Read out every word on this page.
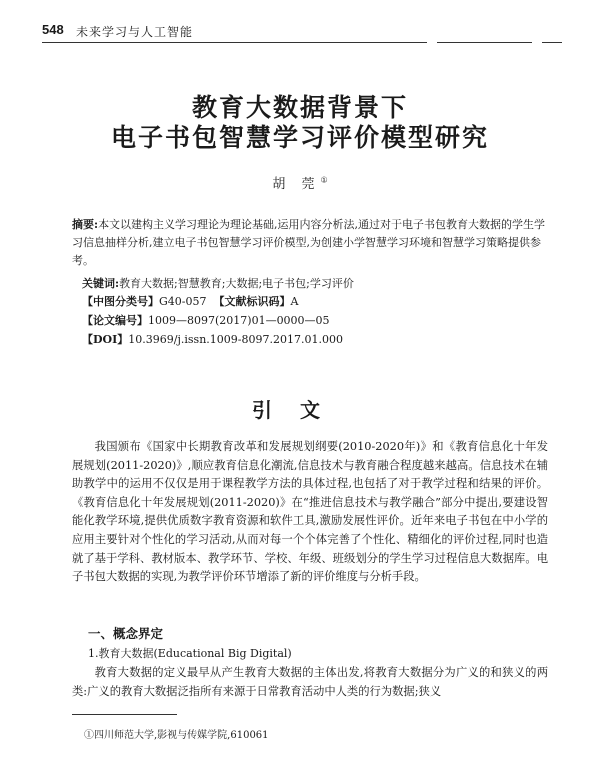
548 未来学习与人工智能
教育大数据背景下
电子书包智慧学习评价模型研究
胡 莞①
摘要:本文以建构主义学习理论为理论基础,运用内容分析法,通过对于电子书包教育大数据的学生学习信息抽样分析,建立电子书包智慧学习评价模型,为创建小学智慧学习环境和智慧学习策略提供参考。
关键词:教育大数据;智慧教育;大数据;电子书包;学习评价
【中图分类号】G40-057 【文献标识码】A
【论文编号】1009—8097(2017)01—0000—05
【DOI】10.3969/j.issn.1009-8097.2017.01.000
引文
我国颁布《国家中长期教育改革和发展规划纲要(2010-2020年)》和《教育信息化十年发展规划(2011-2020)》,顺应教育信息化潮流,信息技术与教育融合程度越来越高。信息技术在辅助教学中的运用不仅仅是用于课程教学方法的具体过程,也包括了对于教学过程和结果的评价。《教育信息化十年发展规划(2011-2020)》在“推进信息技术与教学融合”部分中提出,要建设智能化教学环境,提供优质数字教育资源和软件工具,激励发展性评价。近年来电子书包在中小学的应用主要针对个性化的学习活动,从而对每一个个体完善了个性化、精细化的评价过程,同时也造就了基于学科、教材版本、教学环节、学校、年级、班级划分的学生学习过程信息大数据库。电子书包大数据的实现,为教学评价环节增添了新的评价维度与分析手段。
一、概念界定
1.教育大数据(Educational Big Digital)
教育大数据的定义最早从产生教育大数据的主体出发,将教育大数据分为广义的和狭义的两类:广义的教育大数据泛指所有来源于日常教育活动中人类的行为数据;狭义
①四川师范大学,影视与传媒学院,610061
